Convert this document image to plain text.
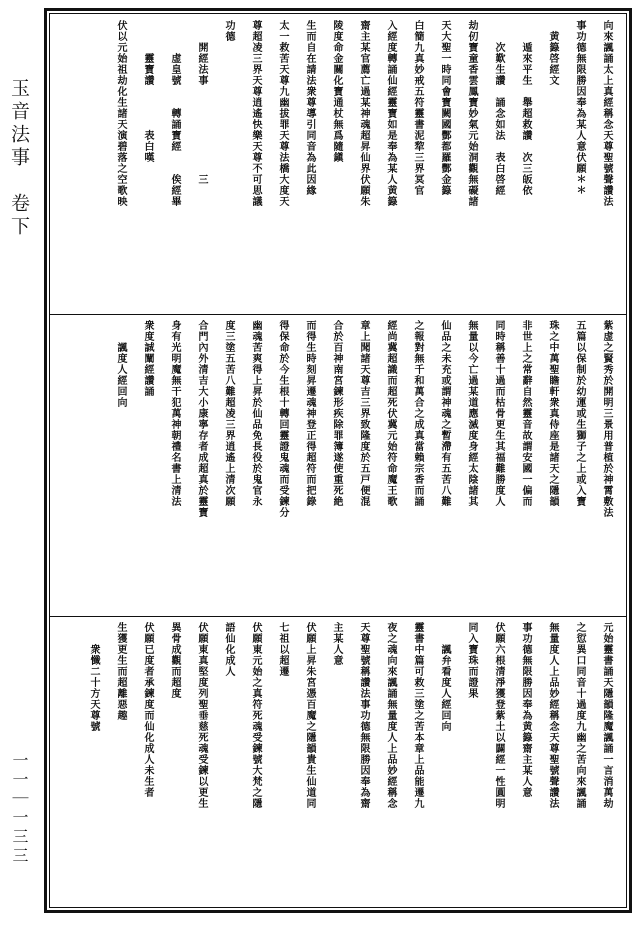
玉音法事　卷下
一一｜一三三
向來諷誦太上真經稱念天尊聖號聲讚法
事功德無限勝因奉為某人意伏願＊＊
　黄籙啓經文
　　遁來平生　舉超救讚　次三皈依
　　次歎生讚　誦念如法　表白啓經
劫仞寶童香雲鳳寶妙氣元始洞觀無礙諸
天大聖一時同會寶闕國酆都羅酆金籙
白簡九真妙戒五符靈書泥犂三界冥官
入經度轉誦仙經靈寶如是奉為某人黄籙
齋主某官薦亡過某神魂超昇仙界伏願朱
陵度命金關化寶通杖無爲隨鎭
生而自在請法衆尊導引同音為此因緣
太一救苦天尊九幽拔罪天尊法橋大度天
尊超凌三界天尊逍遙快樂天尊不可思議
功德
　　開經法事　　　　　　　　三
　　　虚皇號　　轉誦寶經　　俟經畢
　　　靈寶讚　　　　表白嘆
伏以元始祖劫化生諸天演碧落之空歌映
紫虚之賢秀於開明三景用普植於神霄敷法
五篇以保制於幼運或生獅子之上或入寶
珠之中萬聖瞻軒衆真侍座是諸天之隱韻
非世上之常辭自然靈音故謂安國一偏而
同時稱善十過而枯骨更生其福難勝度人
無量以今亡過某道應滅度身經太陰諸其
仙品之未充或謂神魂之暫滯有五苦八難
之報對無千和萬合之成真當賴宗香而誦
經尚冀超識而超死伏冀元始符命魔王歌
章上聞諸天尊吉三界致隆度於五戸便混
合於百神南宮鍊形疾除罪簿遂使重死絶
而得生時刻昇遷魂神登正得超符而把錄
得保命於今生根十轉回靈證鬼魂而受鍊分
幽魂苦爽得上昇於仙品免長役於鬼官永
度三塗五苦八難超凌三界逍遙上清次願
合門內外清吉大小康寧存者成超真於靈寶
身有光明魔無干犯萬神朝禮名書上清法
衆度誠闡經讚誦
　　諷度人經回向
元始靈書誦天隱韻隆魔諷誦一言消萬劫
之愆異口同音十過度九幽之苦向來諷誦
無量度人上品妙經稱念天尊聖號聲讚法
事功德無限勝因奉為黄籙齋主某人意
伏願六根清淨獲登紫土以闢經一性圓明
同入寶珠而證果
　　諷弁看度人經回向
靈書中篇可救三塗之苦本章上品能遷九
夜之魂向來諷誦無量度人上品妙經稱念
天尊聖號稱讚法事功德無限勝因奉為齋
主某人意
伏願上昇朱宮憑百魔之隱韻貴生仙道同
七祖以超遷
伏願東元始之真符死魂受鍊號大梵之隱
語仙化成人
伏願東真堅度列聖垂慈死魂受鍊以更生
異骨成觀而超度
伏願已度者承鍊度而仙化成人未生者
生獲更生而超離惡趣
　　衆懺二十方天尊號
